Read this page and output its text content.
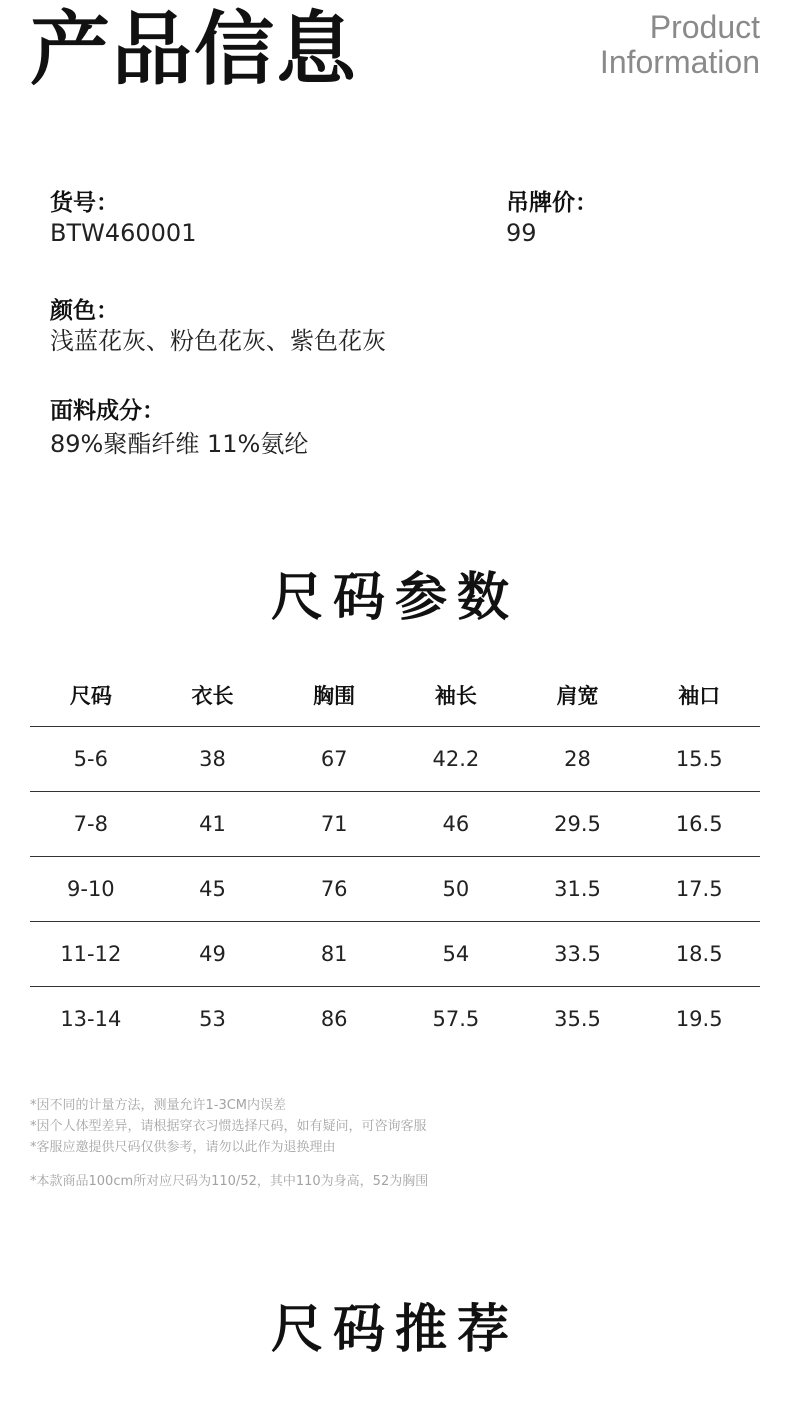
产品信息	Product
Information
货号：
BTW460001
吊牌价：
99
颜色：
浅蓝花灰、粉色花灰、紫色花灰
面料成分：
89%聚酯纤维 11%氨纶
尺码参数
尺码	衣长	胸围	袖长	肩宽	袖口
5-6	38	67	42.2	28	15.5
7-8	41	71	46	29.5	16.5
9-10	45	76	50	31.5	17.5
11-12	49	81	54	33.5	18.5
13-14	53	86	57.5	35.5	19.5
*因不同的计量方法，测量允许1-3CM内误差
*因个人体型差异，请根据穿衣习惯选择尺码，如有疑问，可咨询客服
*客服应邀提供尺码仅供参考，请勿以此作为退换理由
*本款商品100cm所对应尺码为110/52，其中110为身高，52为胸围
尺码推荐
